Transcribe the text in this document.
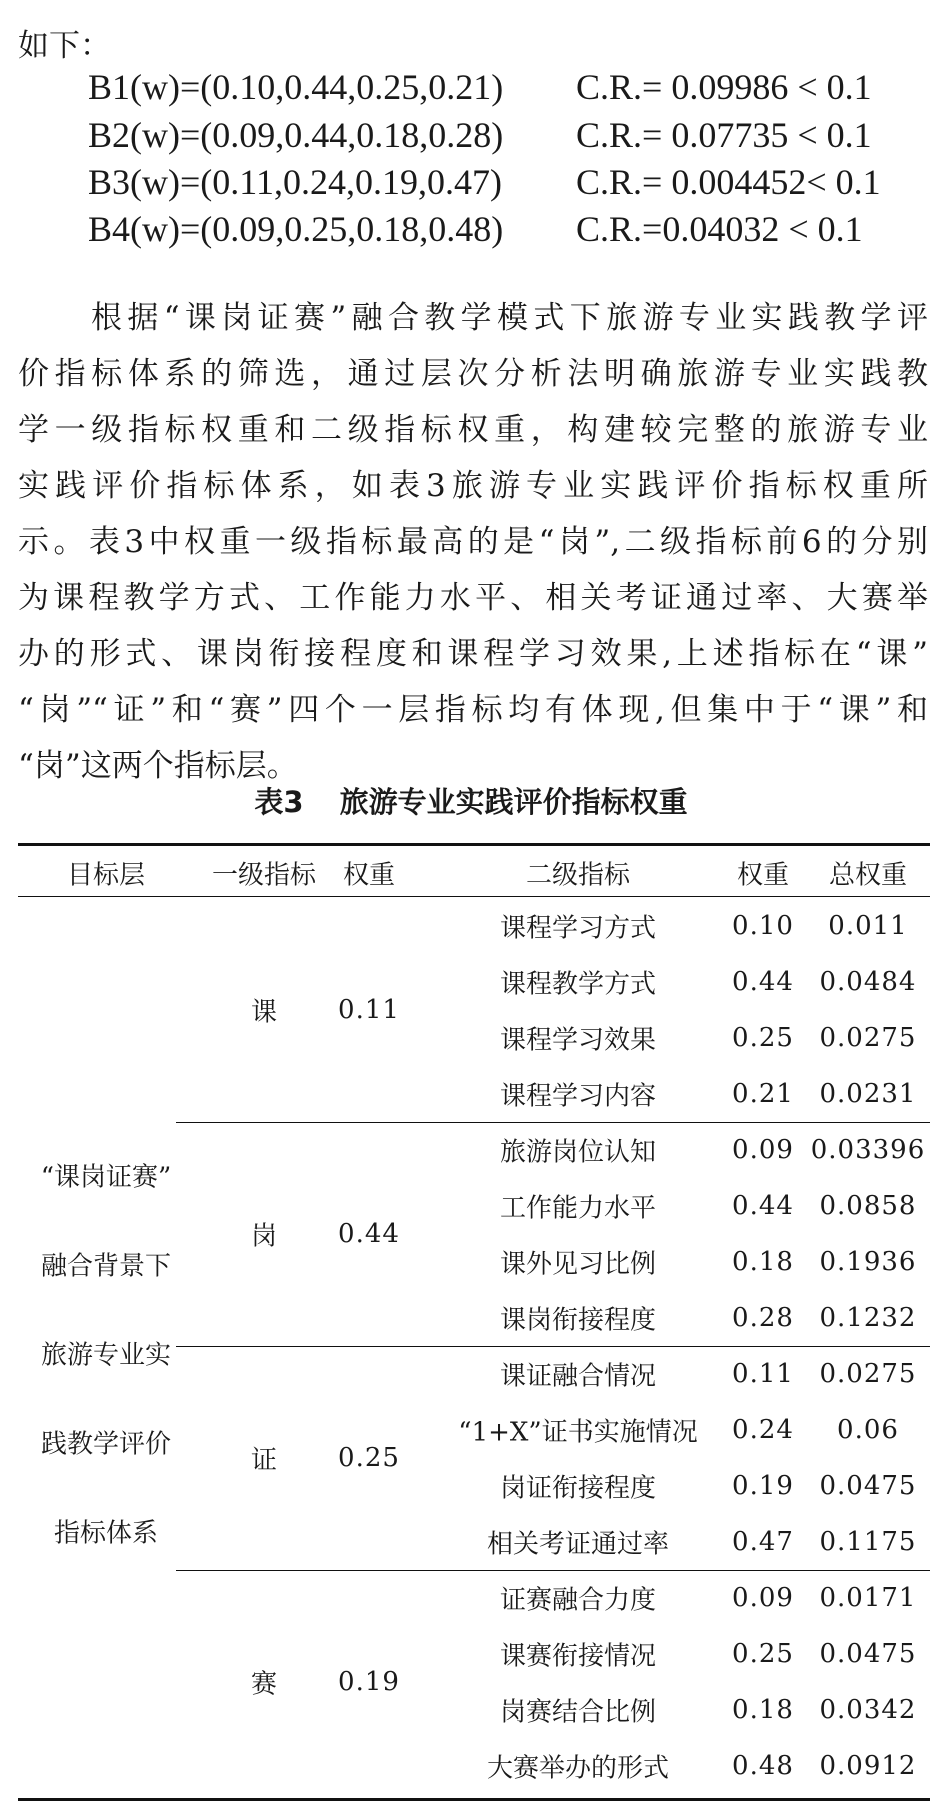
如下：
B1(w)=(0.10,0.44,0.25,0.21) C.R.= 0.09986 < 0.1
B2(w)=(0.09,0.44,0.18,0.28) C.R.= 0.07735 < 0.1
B3(w)=(0.11,0.24,0.19,0.47) C.R.= 0.004452< 0.1
B4(w)=(0.09,0.25,0.18,0.48) C.R.=0.04032 < 0.1

根据“课岗证赛”融合教学模式下旅游专业实践教学评

价指标体系的筛选，通过层次分析法明确旅游专业实践教

学一级指标权重和二级指标权重，构建较完整的旅游专业

实践评价指标体系，如表3旅游专业实践评价指标权重所

示。表3中权重一级指标最高的是“岗”,二级指标前6的分别

为课程教学方式、工作能力水平、相关考证通过率、大赛举

办的形式、课岗衔接程度和课程学习效果,上述指标在“课”

“岗”“证”和“赛”四个一层指标均有体现,但集中于“课”和

“岗”这两个指标层。

表3 旅游专业实践评价指标权重
目标层	一级指标	权重	二级指标	权重	总权重
“课岗证赛”
融合背景下
旅游专业实
践教学评价
指标体系
课	0.11
课程学习方式	0.10	0.011
课程教学方式	0.44 0.0484
课程学习效果	0.25 0.0275
课程学习内容	0.21 0.0231
岗	0.44
旅游岗位认知	0.09 0.03396
工作能力水平	0.44 0.0858
课外见习比例	0.18 0.1936
课岗衔接程度	0.28 0.1232
证	0.25
课证融合情况	0.11 0.0275
“1+X”证书实施情况	0.24	0.06
岗证衔接程度	0.19 0.0475
相关考证通过率	0.47 0.1175
赛	0.19
证赛融合力度	0.09 0.0171
课赛衔接情况	0.25 0.0475
岗赛结合比例	0.18 0.0342
大赛举办的形式	0.48 0.0912
